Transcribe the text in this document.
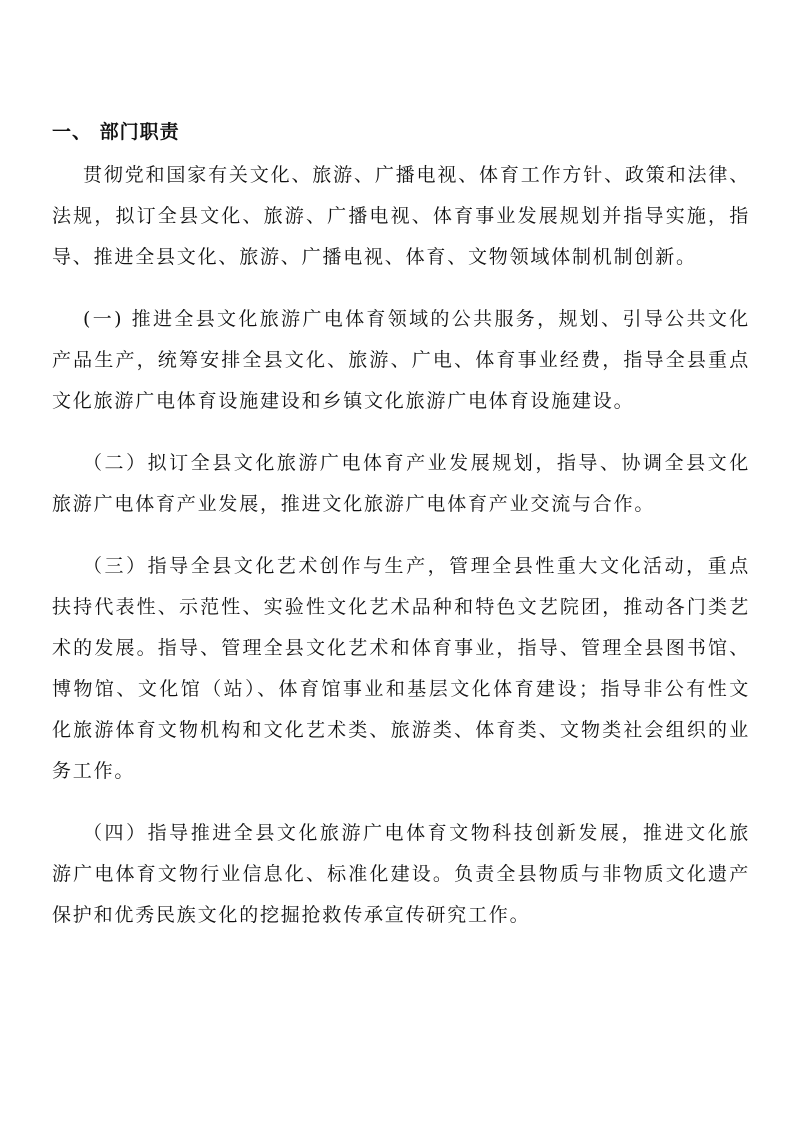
一、 部门职责
贯彻党和国家有关文化、旅游、广播电视、体育工作方针、政策和法律、
法规，拟订全县文化、旅游、广播电视、体育事业发展规划并指导实施，指
导、推进全县文化、旅游、广播电视、体育、文物领域体制机制创新。
(一) 推进全县文化旅游广电体育领域的公共服务，规划、引导公共文化
产品生产，统筹安排全县文化、旅游、广电、体育事业经费，指导全县重点
文化旅游广电体育设施建设和乡镇文化旅游广电体育设施建设。
（二）拟订全县文化旅游广电体育产业发展规划，指导、协调全县文化
旅游广电体育产业发展，推进文化旅游广电体育产业交流与合作。
（三）指导全县文化艺术创作与生产，管理全县性重大文化活动，重点
扶持代表性、示范性、实验性文化艺术品种和特色文艺院团，推动各门类艺
术的发展。指导、管理全县文化艺术和体育事业，指导、管理全县图书馆、
博物馆、文化馆（站）、体育馆事业和基层文化体育建设；指导非公有性文
化旅游体育文物机构和文化艺术类、旅游类、体育类、文物类社会组织的业
务工作。
（四）指导推进全县文化旅游广电体育文物科技创新发展，推进文化旅
游广电体育文物行业信息化、标准化建设。负责全县物质与非物质文化遗产
保护和优秀民族文化的挖掘抢救传承宣传研究工作。
